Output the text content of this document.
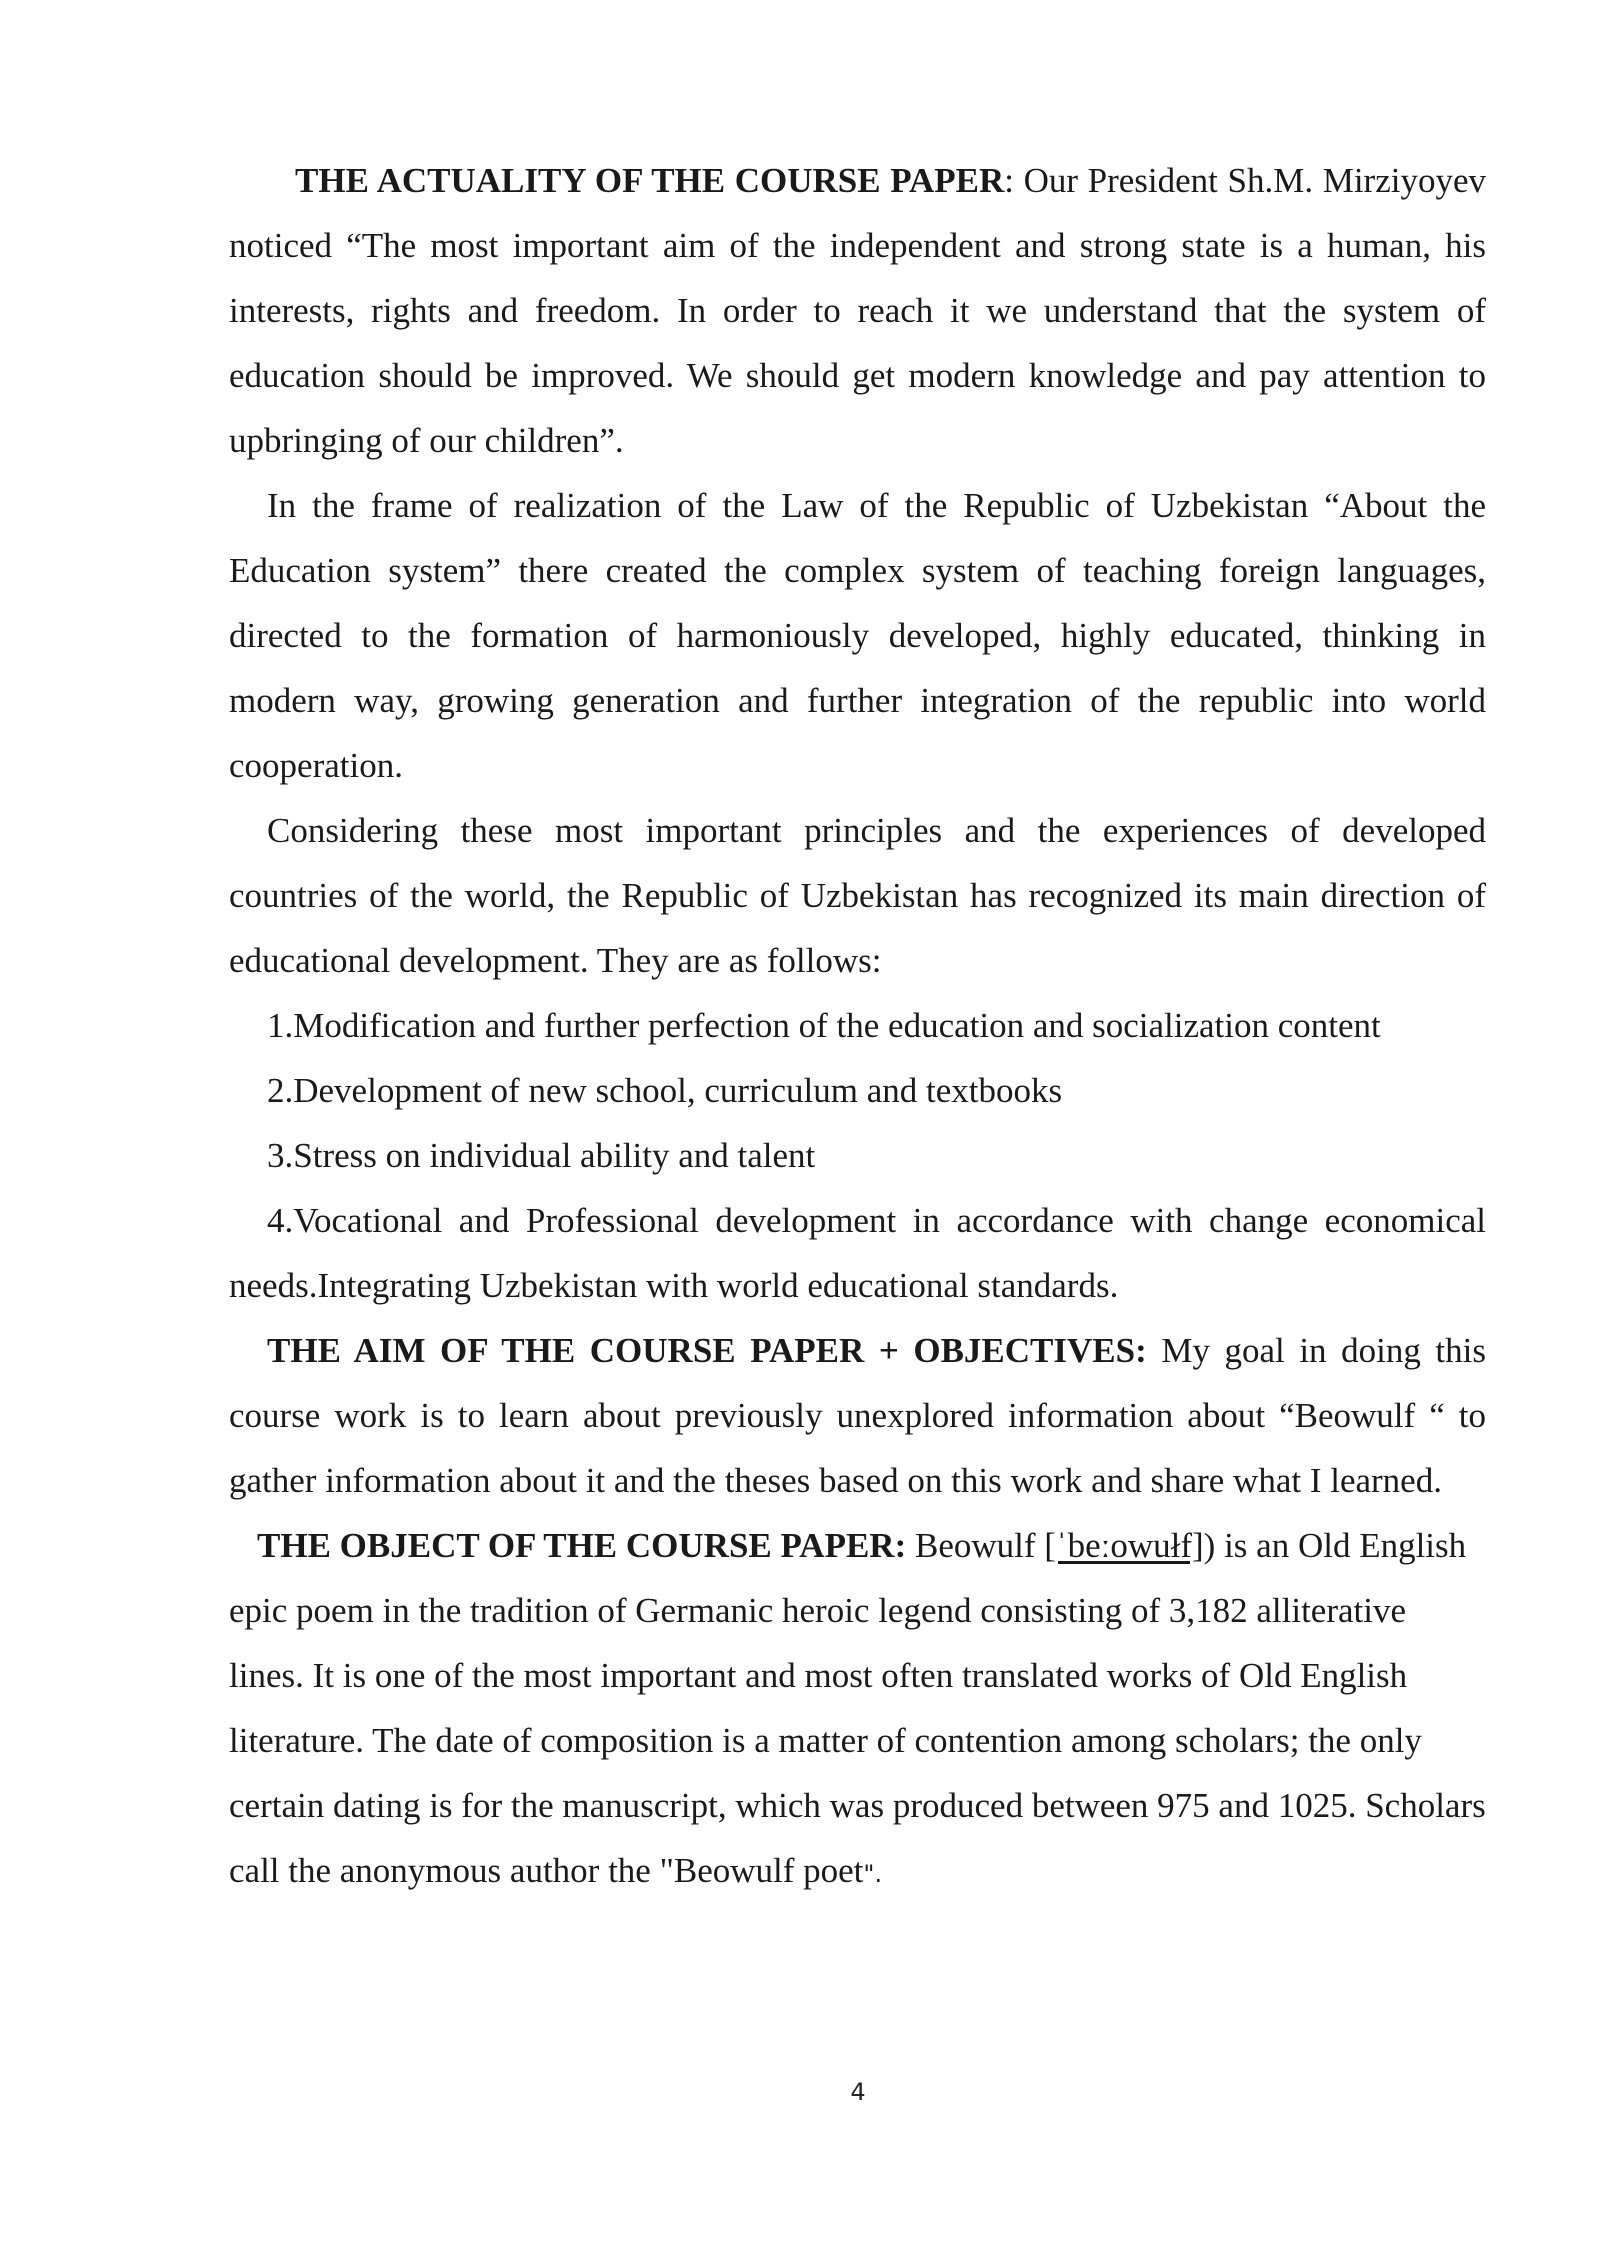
THE ACTUALITY OF THE COURSE PAPER: Our President Sh.M. Mirziyoyev noticed “The most important aim of the independent and strong state is a human, his interests, rights and freedom. In order to reach it we understand that the system of education should be improved. We should get modern knowledge and pay attention to upbringing of our children”.

In the frame of realization of the Law of the Republic of Uzbekistan “About the Education system” there created the complex system of teaching foreign languages, directed to the formation of harmoniously developed, highly educated, thinking in modern way, growing generation and further integration of the republic into world cooperation.

Considering these most important principles and the experiences of developed countries of the world, the Republic of Uzbekistan has recognized its main direction of educational development. They are as follows:

1.Modification and further perfection of the education and socialization content

2.Development of new school, curriculum and textbooks

3.Stress on individual ability and talent

4.Vocational and Professional development in accordance with change economical needs.Integrating Uzbekistan with world educational standards.

THE AIM OF THE COURSE PAPER + OBJECTIVES: My goal in doing this course work is to learn about previously unexplored information about “Beowulf “ to gather information about it and the theses based on this work and share what I learned.

THE OBJECT OF THE COURSE PAPER: Beowulf [ˈbeːowułf]) is an Old English epic poem in the tradition of Germanic heroic legend consisting of 3,182 alliterative lines. It is one of the most important and most often translated works of Old English literature. The date of composition is a matter of contention among scholars; the only certain dating is for the manuscript, which was produced between 975 and 1025. Scholars call the anonymous author the "Beowulf poet".

4
